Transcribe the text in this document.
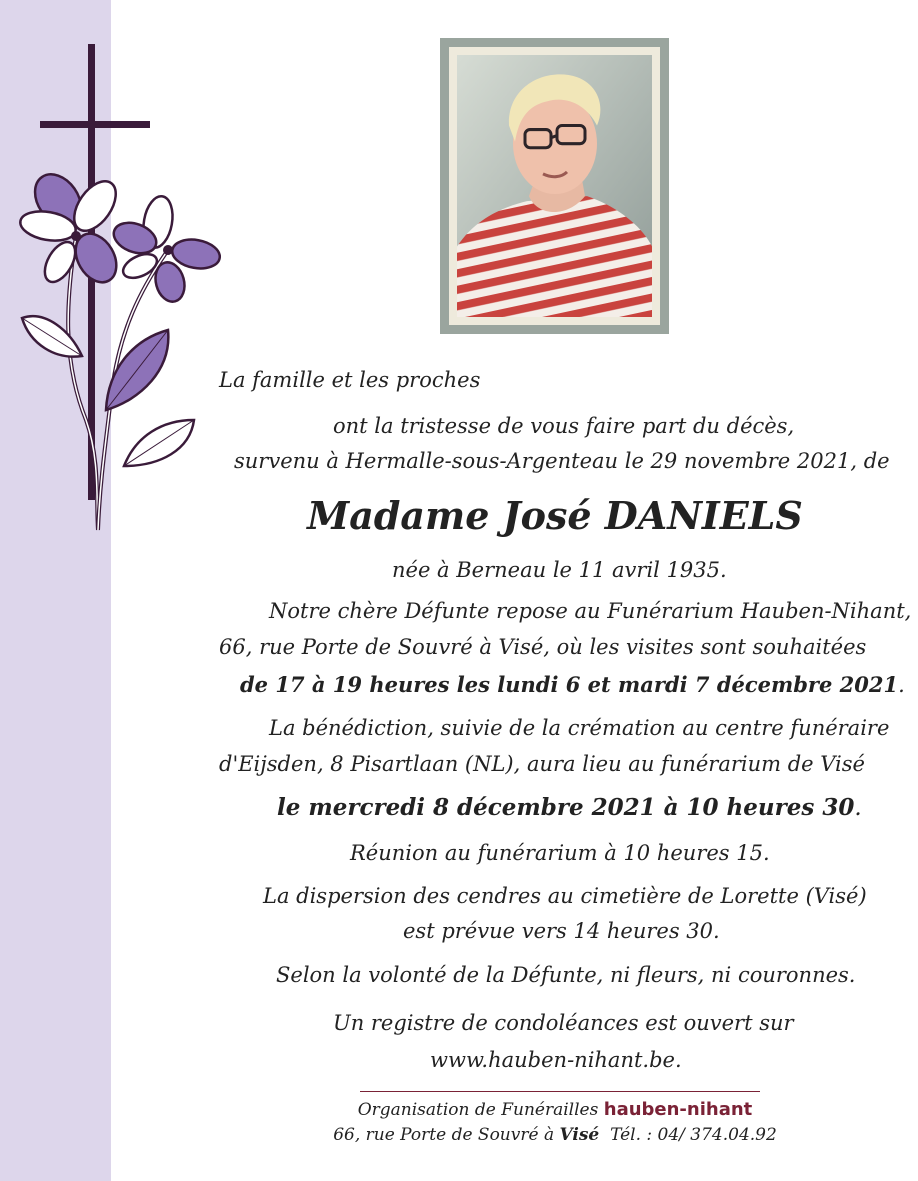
La famille et les proches
ont la tristesse de vous faire part du décès,
survenu à Hermalle-sous-Argenteau le 29 novembre 2021, de
Madame José DANIELS
née à Berneau le 11 avril 1935.
Notre chère Défunte repose au Funérarium Hauben-Nihant,
66, rue Porte de Souvré à Visé, où les visites sont souhaitées
de 17 à 19 heures les lundi 6 et mardi 7 décembre 2021.
La bénédiction, suivie de la crémation au centre funéraire
d'Eijsden, 8 Pisartlaan (NL), aura lieu au funérarium de Visé
le mercredi 8 décembre 2021 à 10 heures 30.
Réunion au funérarium à 10 heures 15.
La dispersion des cendres au cimetière de Lorette (Visé)
est prévue vers 14 heures 30.
Selon la volonté de la Défunte, ni fleurs, ni couronnes.
Un registre de condoléances est ouvert sur
www.hauben-nihant.be.
Organisation de Funérailles hauben-nihant
66, rue Porte de Souvré à Visé Tél. : 04/ 374.04.92
